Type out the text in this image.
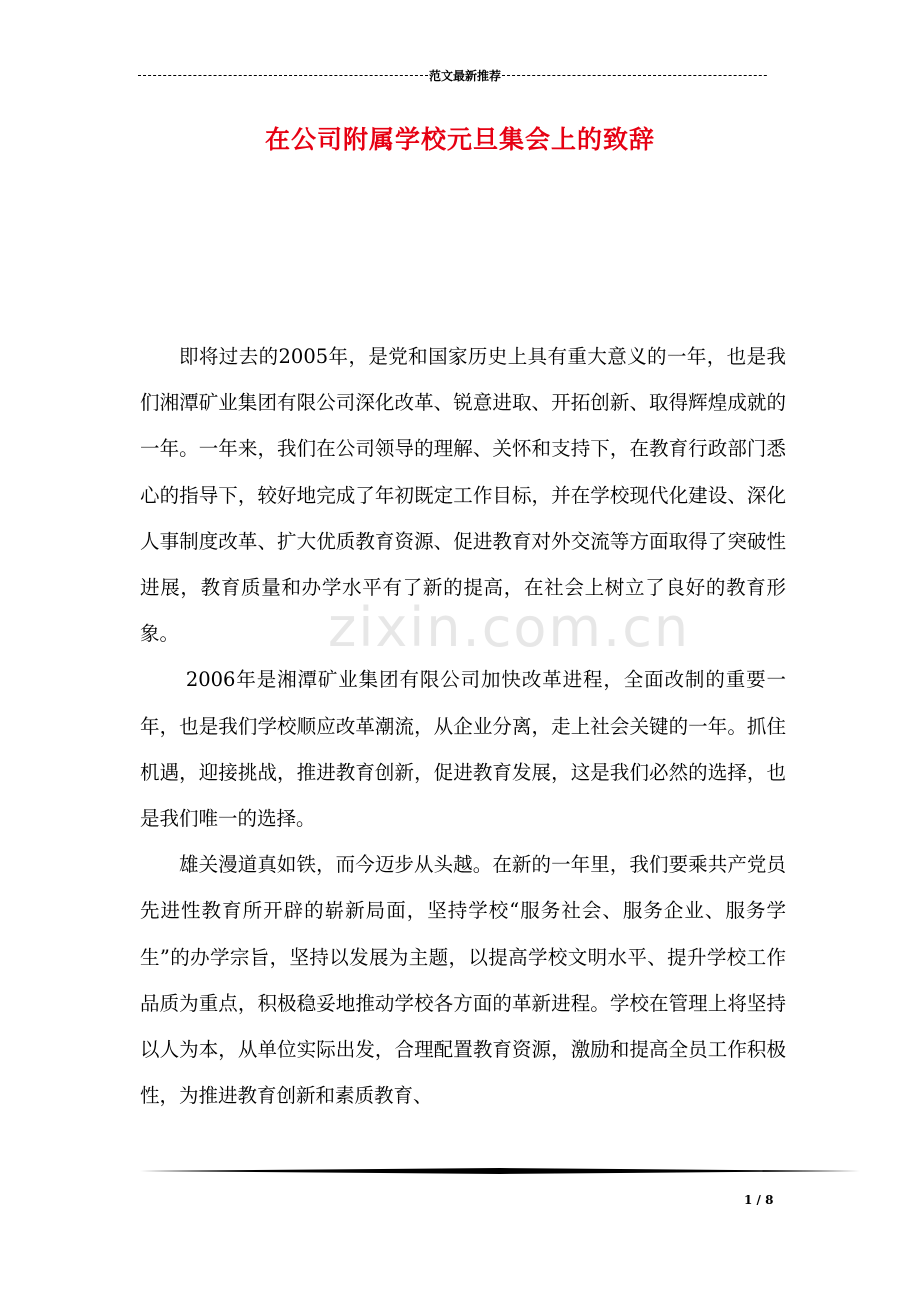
范文最新推荐
在公司附属学校元旦集会上的致辞
zixin.com.cn

即将过去的2005年，是党和国家历史上具有重大意义的一年，也是我们湘潭矿业集团有限公司深化改革、锐意进取、开拓创新、取得辉煌成就的一年。一年来，我们在公司领导的理解、关怀和支持下，在教育行政部门悉心的指导下，较好地完成了年初既定工作目标，并在学校现代化建设、深化人事制度改革、扩大优质教育资源、促进教育对外交流等方面取得了突破性进展，教育质量和办学水平有了新的提高，在社会上树立了良好的教育形象。

2006年是湘潭矿业集团有限公司加快改革进程，全面改制的重要一年，也是我们学校顺应改革潮流，从企业分离，走上社会关键的一年。抓住机遇，迎接挑战，推进教育创新，促进教育发展，这是我们必然的选择，也是我们唯一的选择。

雄关漫道真如铁，而今迈步从头越。在新的一年里，我们要乘共产党员先进性教育所开辟的崭新局面，坚持学校“服务社会、服务企业、服务学生”的办学宗旨，坚持以发展为主题，以提高学校文明水平、提升学校工作品质为重点，积极稳妥地推动学校各方面的革新进程。学校在管理上将坚持以人为本，从单位实际出发，合理配置教育资源，激励和提高全员工作积极性，为推进教育创新和素质教育、

1 / 8
